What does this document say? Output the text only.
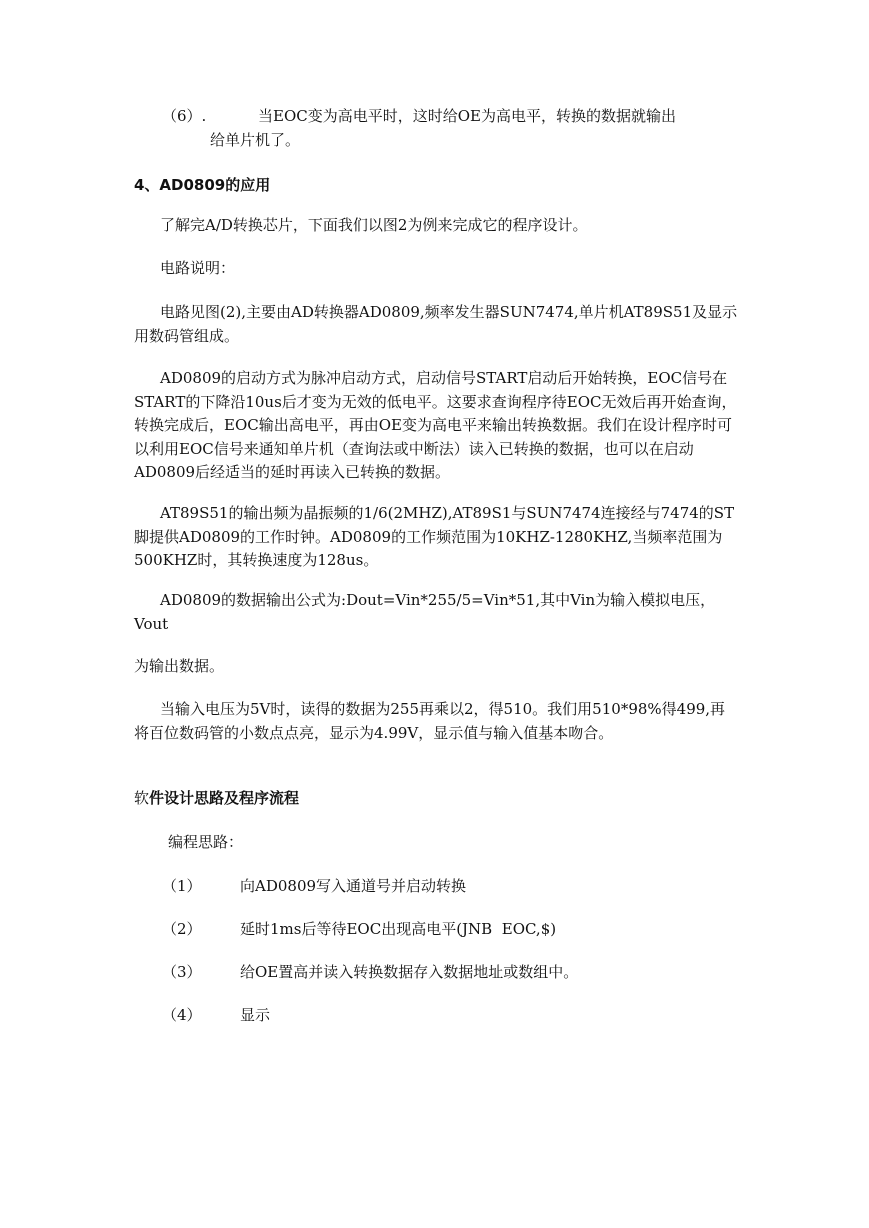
（6）.	当EOC变为高电平时，这时给OE为高电平，转换的数据就输出
给单片机了。
4、AD0809的应用
了解完A/D转换芯片，下面我们以图2为例来完成它的程序设计。
电路说明：
电路见图(2),主要由AD转换器AD0809,频率发生器SUN7474,单片机AT89S51及显示用数码管组成。
AD0809的启动方式为脉冲启动方式，启动信号START启动后开始转换，EOC信号在START的下降沿10us后才变为无效的低电平。这要求查询程序待EOC无效后再开始查询，转换完成后，EOC输出高电平，再由OE变为高电平来输出转换数据。我们在设计程序时可以利用EOC信号来通知单片机（查询法或中断法）读入已转换的数据，也可以在启动AD0809后经适当的延时再读入已转换的数据。
AT89S51的输出频为晶振频的1/6(2MHZ),AT89S1与SUN7474连接经与7474的ST脚提供AD0809的工作时钟。AD0809的工作频范围为10KHZ-1280KHZ,当频率范围为500KHZ时，其转换速度为128us。
AD0809的数据输出公式为:Dout=Vin*255/5=Vin*51,其中Vin为输入模拟电压，Vout
为输出数据。
当输入电压为5V时，读得的数据为255再乘以2，得510。我们用510*98%得499,再将百位数码管的小数点点亮，显示为4.99V，显示值与输入值基本吻合。
软件设计思路及程序流程
编程思路：
（1）	向AD0809写入通道号并启动转换
（2）	延时1ms后等待EOC出现高电平(JNB  EOC,$)
（3）	给OE置高并读入转换数据存入数据地址或数组中。
（4）	显示
